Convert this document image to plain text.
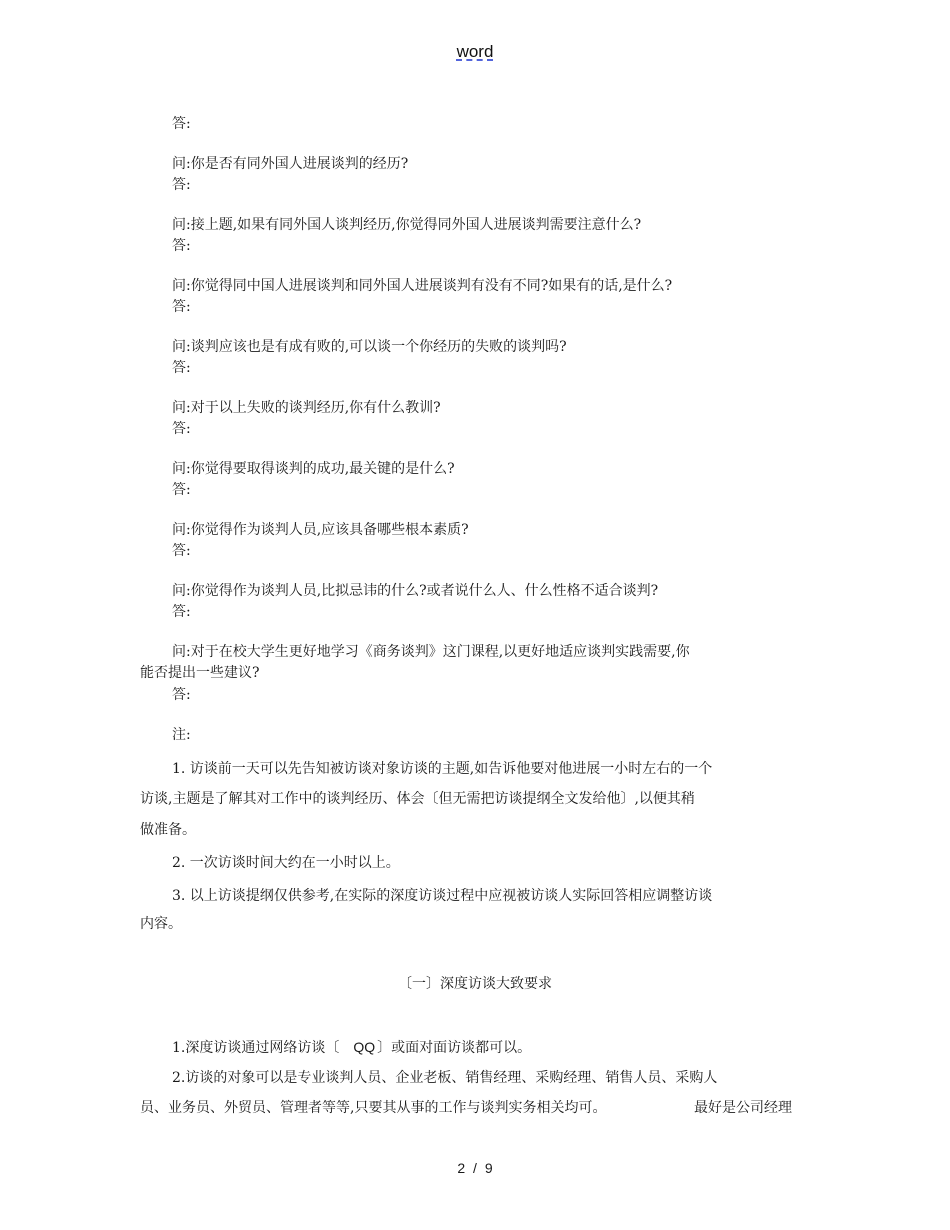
word
答:
问:你是否有同外国人进展谈判的经历?
答:
问:接上题,如果有同外国人谈判经历,你觉得同外国人进展谈判需要注意什么?
答:
问:你觉得同中国人进展谈判和同外国人进展谈判有没有不同?如果有的话,是什么?
答:
问:谈判应该也是有成有败的,可以谈一个你经历的失败的谈判吗?
答:
问:对于以上失败的谈判经历,你有什么教训?
答:
问:你觉得要取得谈判的成功,最关键的是什么?
答:
问:你觉得作为谈判人员,应该具备哪些根本素质?
答:
问:你觉得作为谈判人员,比拟忌讳的什么?或者说什么人、什么性格不适合谈判?
答:
问:对于在校大学生更好地学习《商务谈判》这门课程,以更好地适应谈判实践需要,你
能否提出一些建议?
答:
注:
1. 访谈前一天可以先告知被访谈对象访谈的主题,如告诉他要对他进展一小时左右的一个
访谈,主题是了解其对工作中的谈判经历、体会〔但无需把访谈提纲全文发给他〕,以便其稍
做准备。
2. 一次访谈时间大约在一小时以上。
3. 以上访谈提纲仅供参考,在实际的深度访谈过程中应视被访谈人实际回答相应调整访谈
内容。
〔一〕深度访谈大致要求
1.深度访谈通过网络访谈〔 QQ 〕或面对面访谈都可以。
2.访谈的对象可以是专业谈判人员、企业老板、销售经理、采购经理、销售人员、采购人
员、业务员、外贸员、管理者等等,只要其从事的工作与谈判实务相关均可。	最好是公司经理
2 / 9
